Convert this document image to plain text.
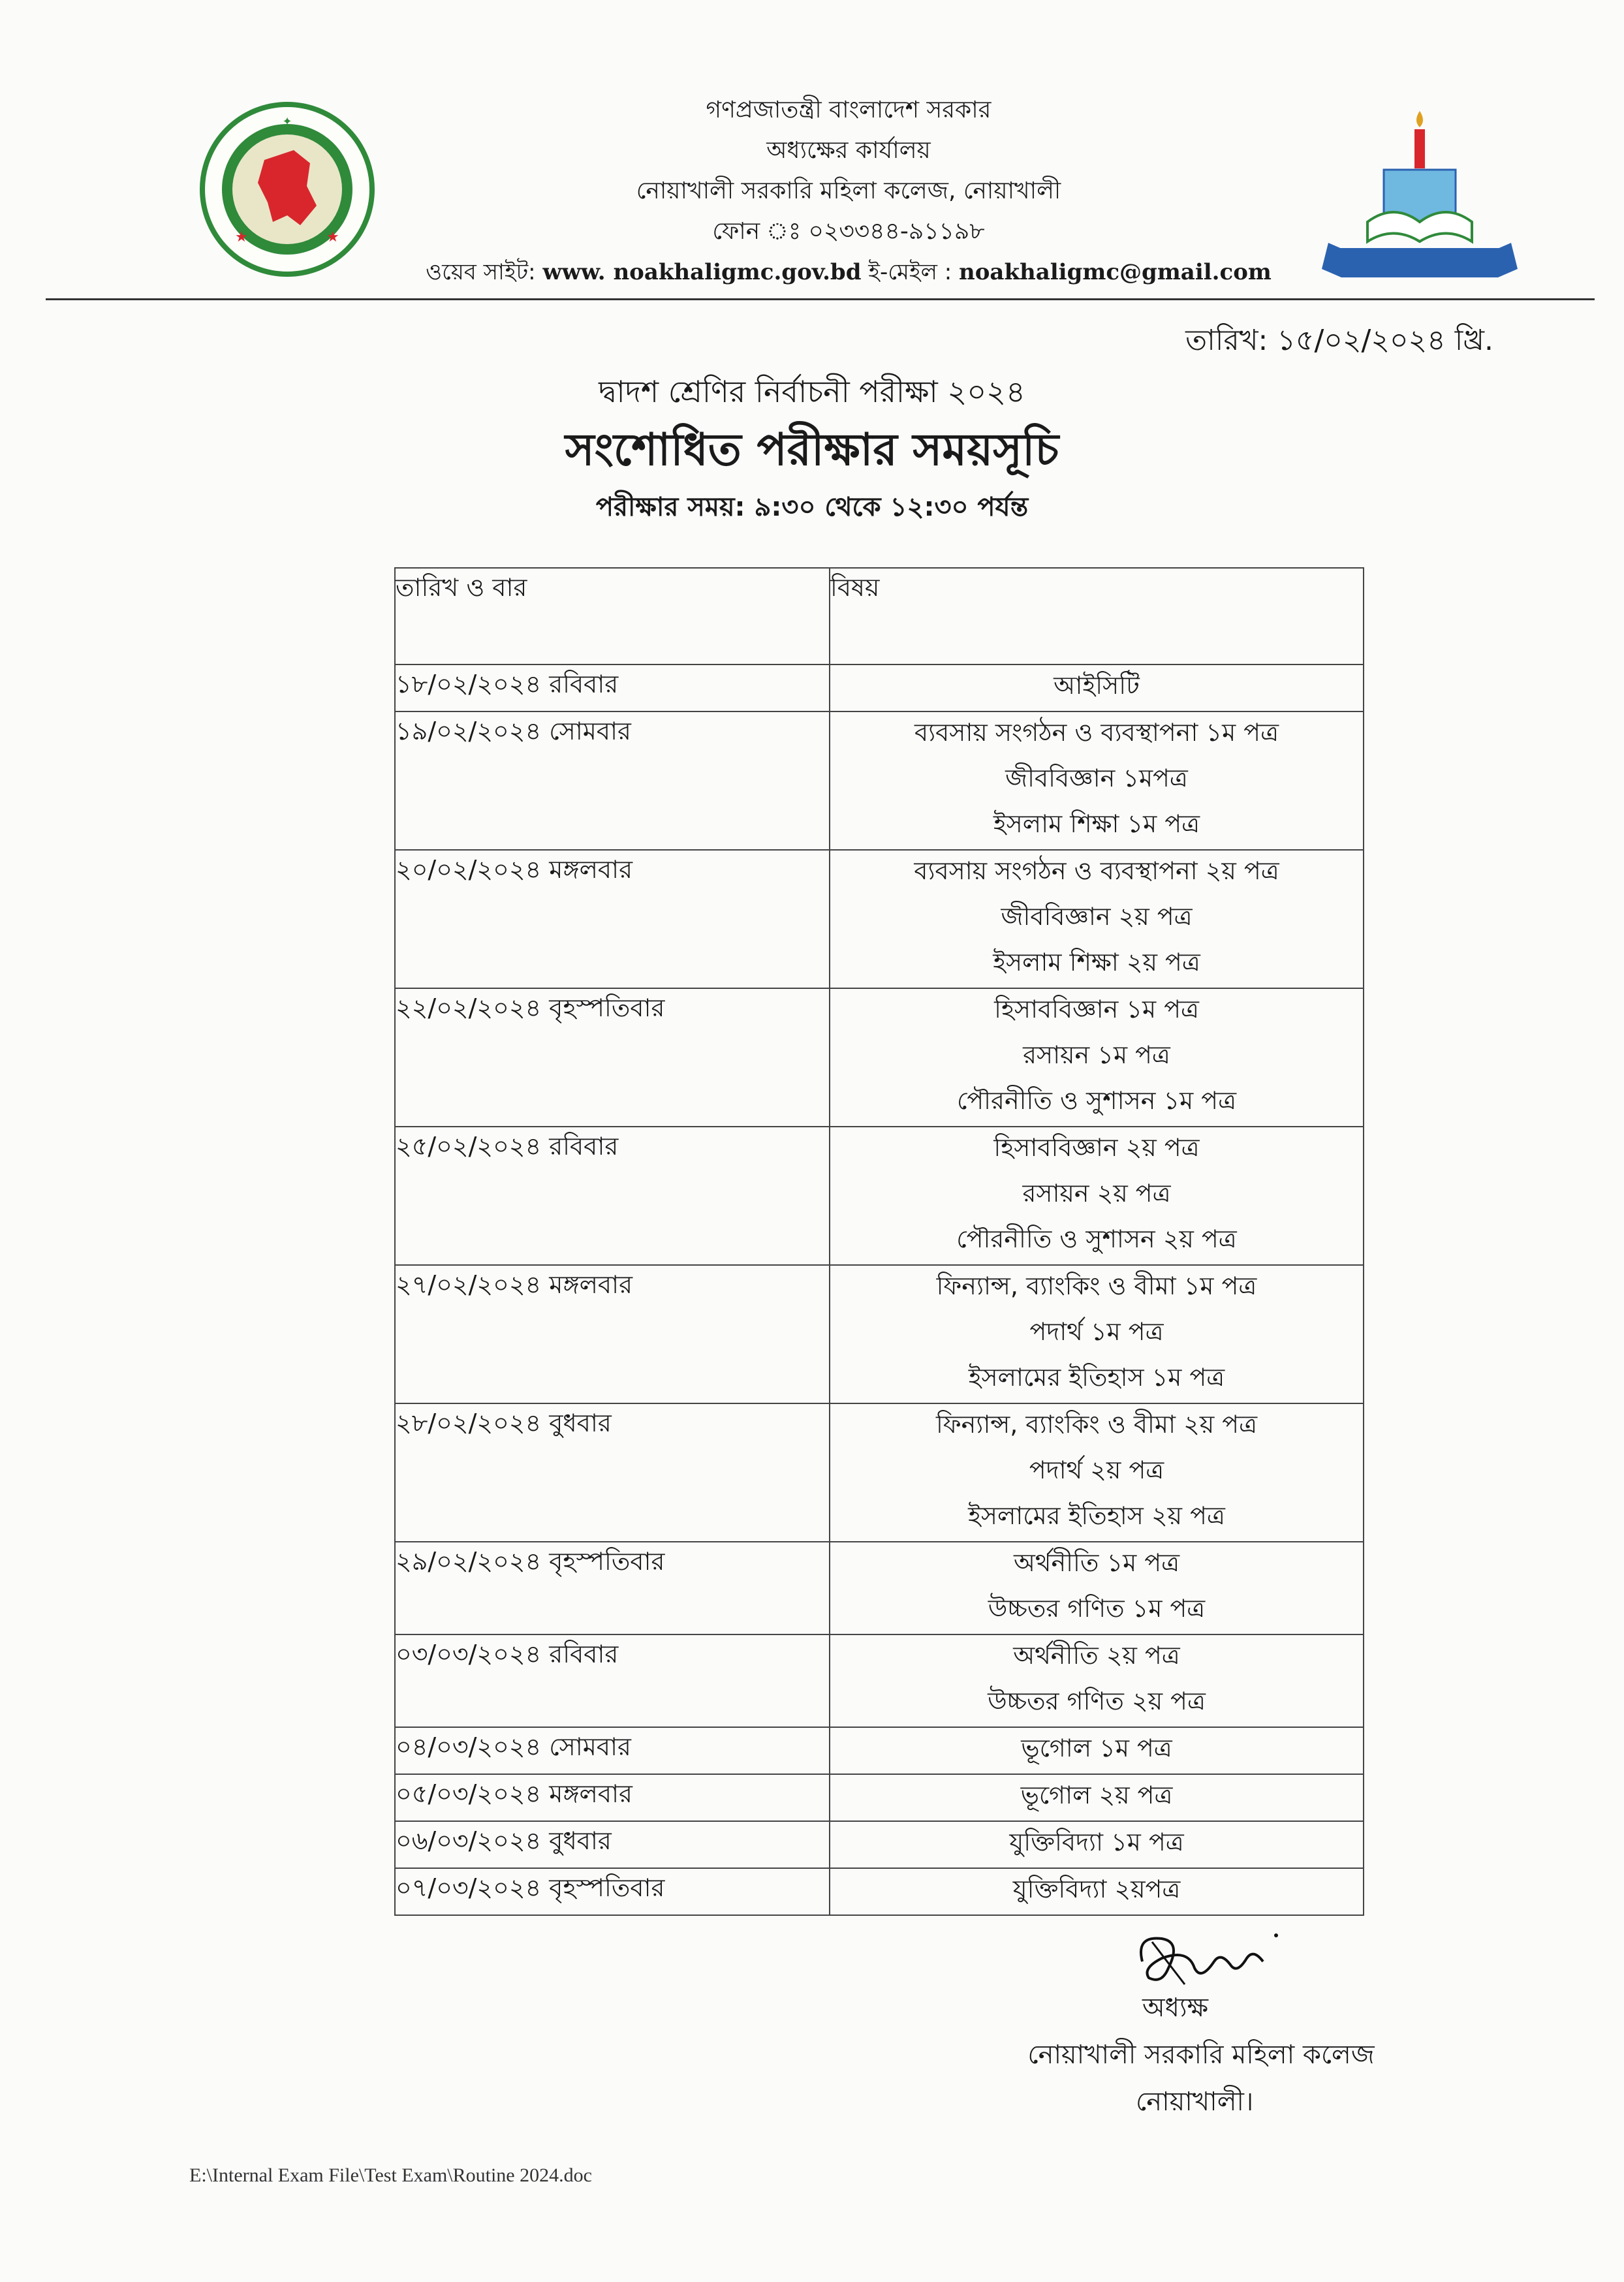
✦
★	★
গণপ্রজাতন্ত্রী বাংলাদেশ সরকার
অধ্যক্ষের কার্যালয়
নোয়াখালী সরকারি মহিলা কলেজ, নোয়াখালী
ফোন ঃ ০২৩৩৪৪-৯১১৯৮
ওয়েব সাইট: www. noakhaligmc.gov.bd ই-মেইল : noakhaligmc@gmail.com
তারিখ: ১৫/০২/২০২৪ খ্রি.
দ্বাদশ শ্রেণির নির্বাচনী পরীক্ষা ২০২৪
সংশোধিত পরীক্ষার সময়সূচি
পরীক্ষার সময়: ৯:৩০ থেকে ১২:৩০ পর্যন্ত
তারিখ ও বার	বিষয়
১৮/০২/২০২৪ রবিবার	আইসিটি

১৯/০২/২০২৪ সোমবার	ব্যবসায় সংগঠন ও ব্যবস্থাপনা ১ম পত্র
জীববিজ্ঞান ১মপত্র
ইসলাম শিক্ষা ১ম পত্র

২০/০২/২০২৪ মঙ্গলবার	ব্যবসায় সংগঠন ও ব্যবস্থাপনা ২য় পত্র
জীববিজ্ঞান ২য় পত্র
ইসলাম শিক্ষা ২য় পত্র

২২/০২/২০২৪ বৃহস্পতিবার	হিসাববিজ্ঞান ১ম পত্র
রসায়ন ১ম পত্র
পৌরনীতি ও সুশাসন ১ম পত্র

২৫/০২/২০২৪ রবিবার	হিসাববিজ্ঞান ২য় পত্র
রসায়ন ২য় পত্র
পৌরনীতি ও সুশাসন ২য় পত্র

২৭/০২/২০২৪ মঙ্গলবার	ফিন্যান্স, ব্যাংকিং ও বীমা ১ম পত্র
পদার্থ ১ম পত্র
ইসলামের ইতিহাস ১ম পত্র

২৮/০২/২০২৪ বুধবার	ফিন্যান্স, ব্যাংকিং ও বীমা ২য় পত্র
পদার্থ ২য় পত্র
ইসলামের ইতিহাস ২য় পত্র

২৯/০২/২০২৪ বৃহস্পতিবার	অর্থনীতি ১ম পত্র
উচ্চতর গণিত ১ম পত্র

০৩/০৩/২০২৪ রবিবার	অর্থনীতি ২য় পত্র
উচ্চতর গণিত ২য় পত্র

০৪/০৩/২০২৪ সোমবার	ভূগোল ১ম পত্র

০৫/০৩/২০২৪ মঙ্গলবার	ভূগোল ২য় পত্র

০৬/০৩/২০২৪ বুধবার	যুক্তিবিদ্যা ১ম পত্র

০৭/০৩/২০২৪ বৃহস্পতিবার	যুক্তিবিদ্যা ২য়পত্র
অধ্যক্ষ
নোয়াখালী সরকারি মহিলা কলেজ
নোয়াখালী।
E:\Internal Exam File\Test Exam\Routine 2024.doc
